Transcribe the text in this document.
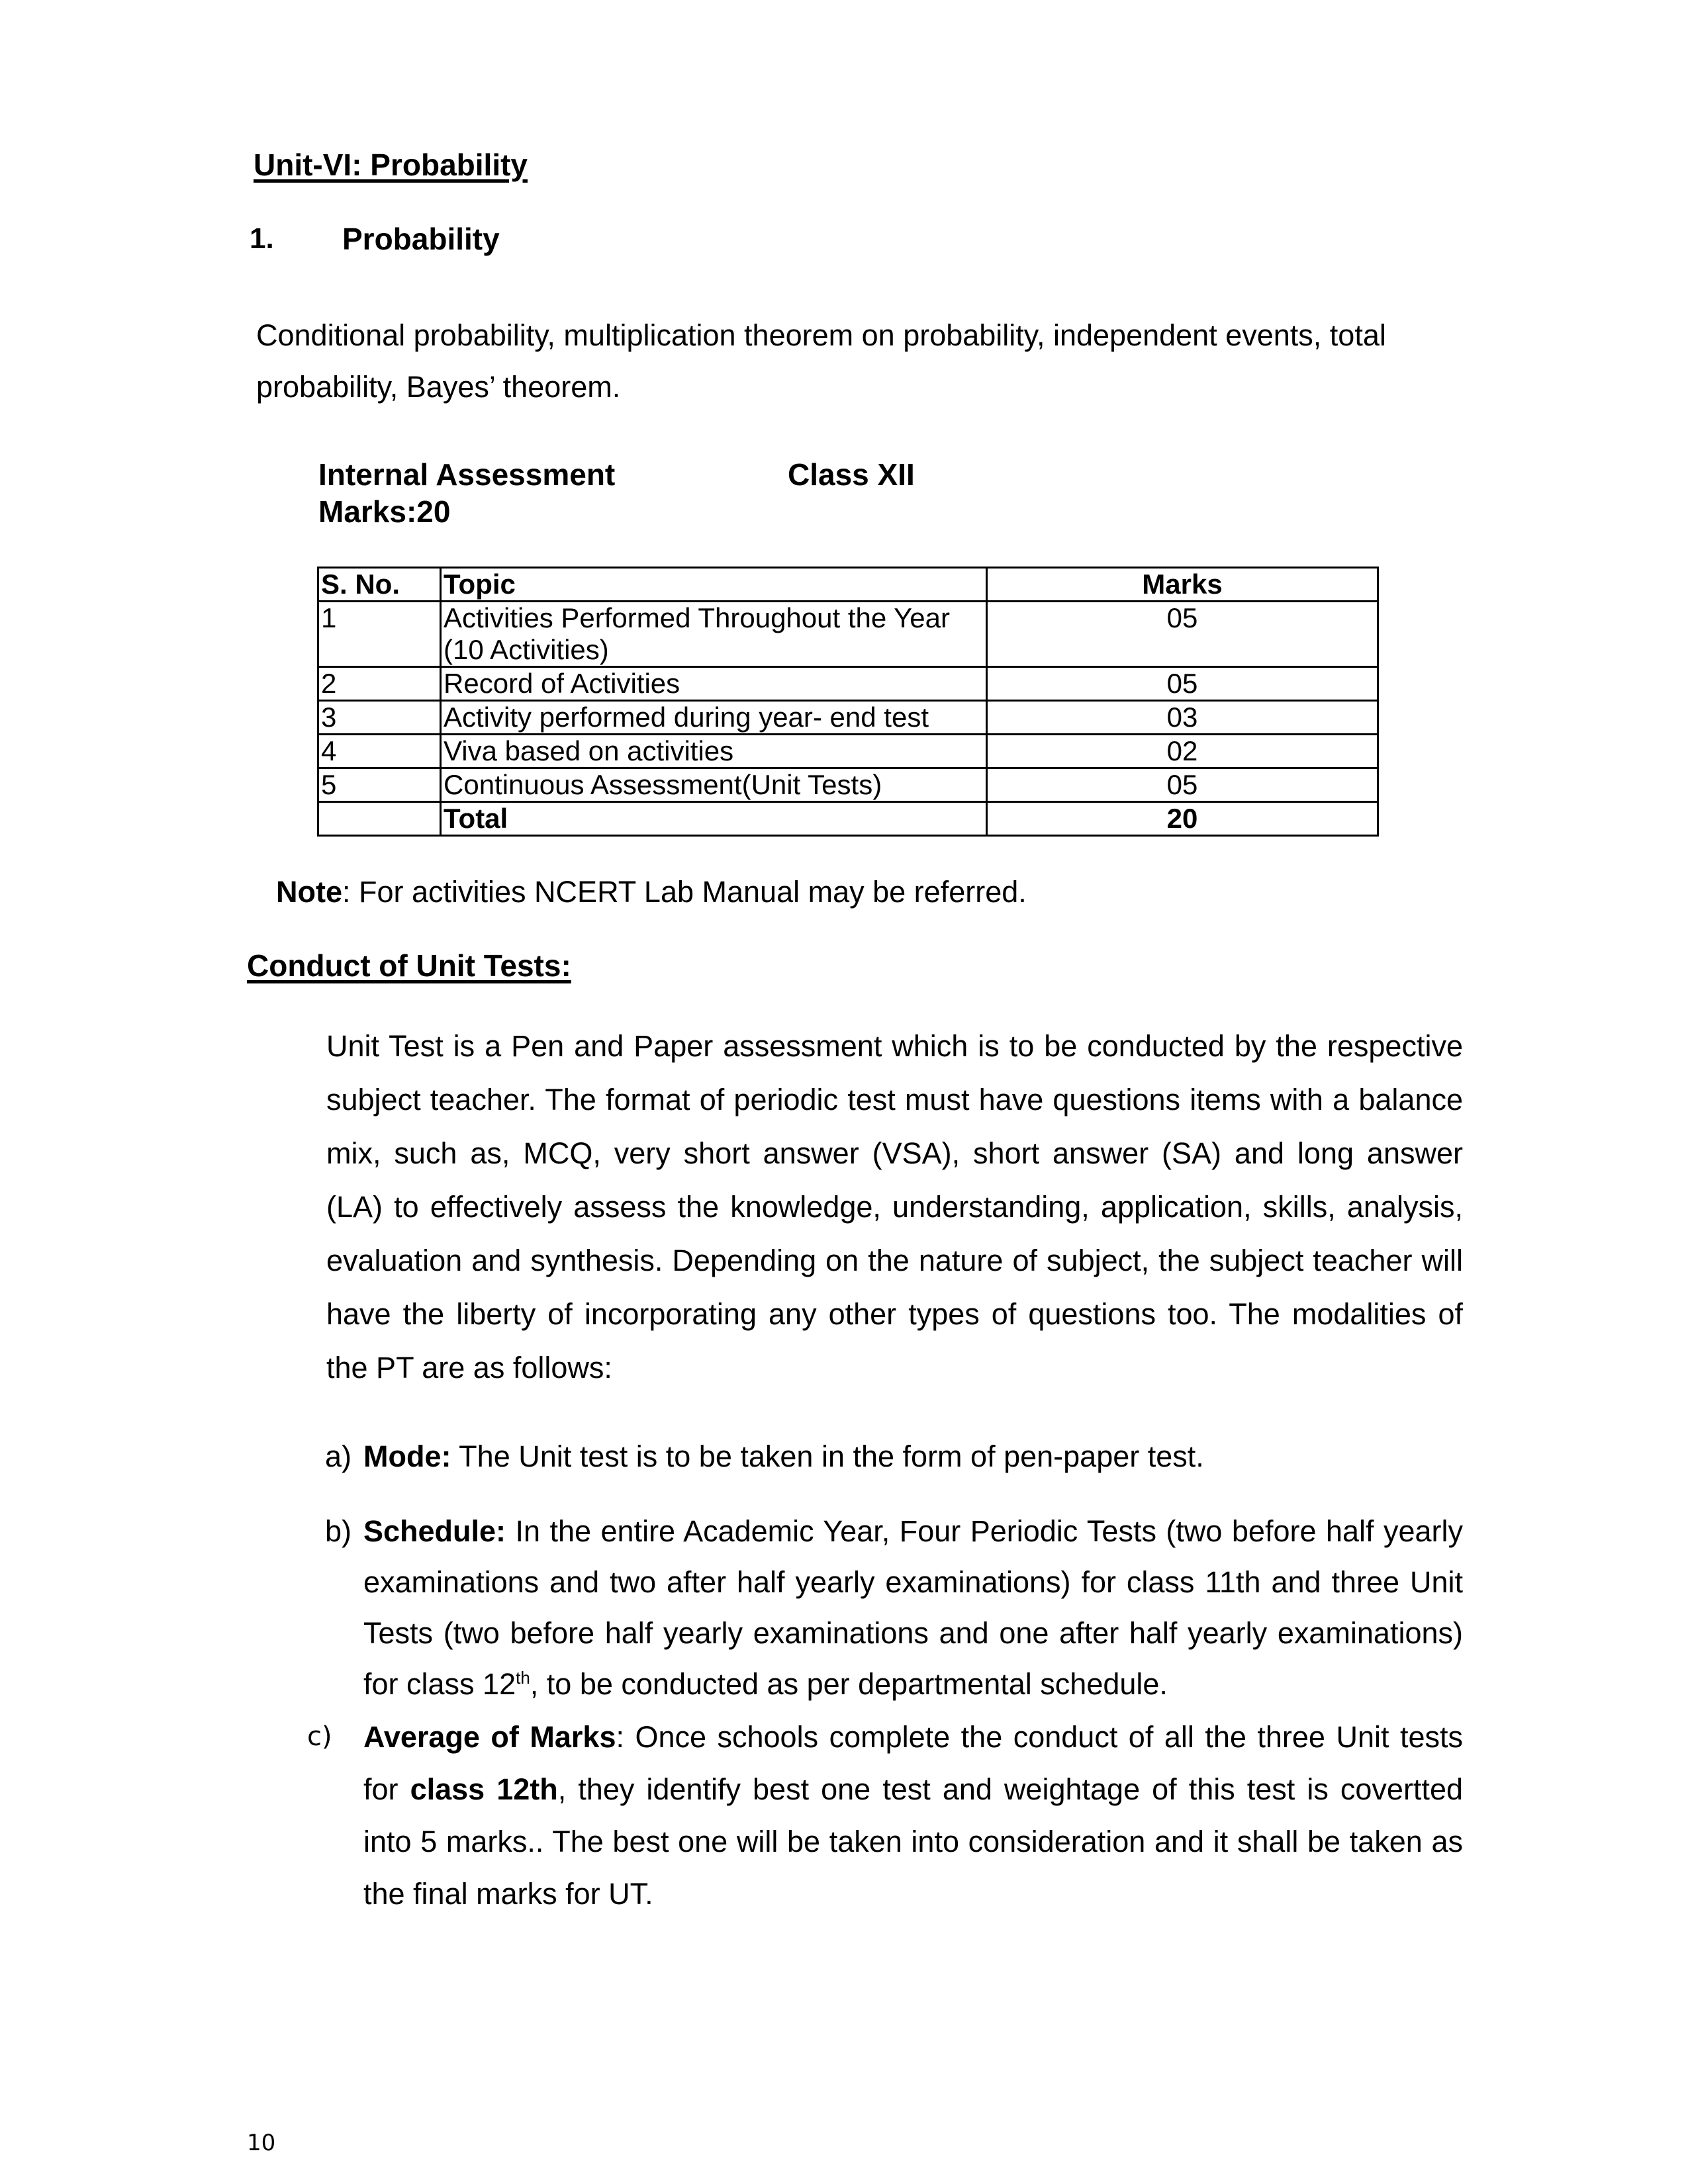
Unit-VI: Probability
1. Probability
Conditional probability, multiplication theorem on probability, independent events, total probability, Bayes’ theorem.
Internal Assessment	Class XII
Marks:20
S. No.	Topic	Marks
1	Activities Performed Throughout the Year (10 Activities)	05
2	Record of Activities	05
3	Activity performed during year- end test	03
4	Viva based on activities	02
5	Continuous Assessment(Unit Tests)	05
	Total	20
Note: For activities NCERT Lab Manual may be referred.
Conduct of Unit Tests:
Unit Test is a Pen and Paper assessment which is to be conducted by the respective subject teacher. The format of periodic test must have questions items with a balance mix, such as, MCQ, very short answer (VSA), short answer (SA) and long answer (LA) to effectively assess the knowledge, understanding, application, skills, analysis, evaluation and synthesis. Depending on the nature of subject, the subject teacher will have the liberty of incorporating any other types of questions too. The modalities of the PT are as follows:
a) Mode: The Unit test is to be taken in the form of pen-paper test.
b) Schedule: In the entire Academic Year, Four Periodic Tests (two before half yearly examinations and two after half yearly examinations) for class 11th and three Unit Tests (two before half yearly examinations and one after half yearly examinations) for class 12th, to be conducted as per departmental schedule.
c) Average of Marks: Once schools complete the conduct of all the three Unit tests for class 12th, they identify best one test and weightage of this test is covertted into 5 marks.. The best one will be taken into consideration and it shall be taken as the final marks for UT.
10
